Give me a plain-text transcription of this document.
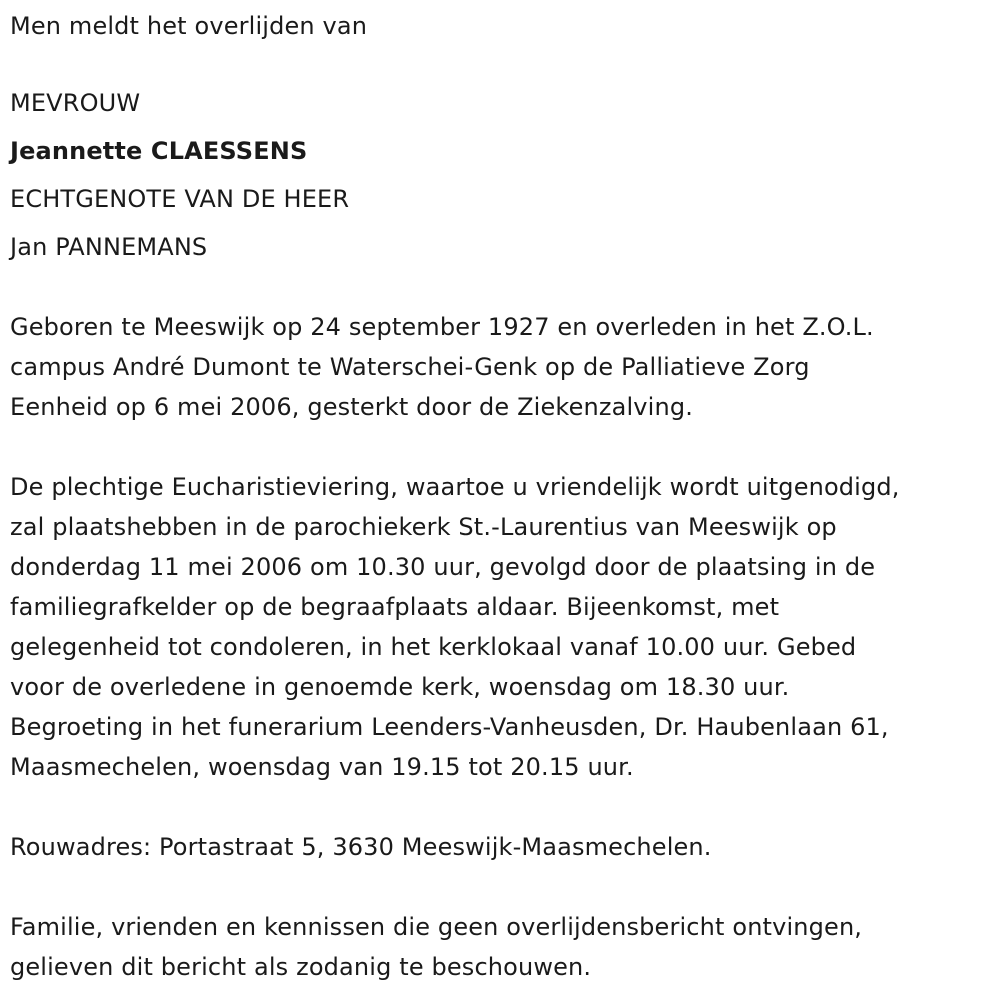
Men meldt het overlijden van
MEVROUW
Jeannette CLAESSENS
ECHTGENOTE VAN DE HEER
Jan PANNEMANS
Geboren te Meeswijk op 24 september 1927 en overleden in het Z.O.L.
campus André Dumont te Waterschei-Genk op de Palliatieve Zorg
Eenheid op 6 mei 2006, gesterkt door de Ziekenzalving.
De plechtige Eucharistieviering, waartoe u vriendelijk wordt uitgenodigd,
zal plaatshebben in de parochiekerk St.-Laurentius van Meeswijk op
donderdag 11 mei 2006 om 10.30 uur, gevolgd door de plaatsing in de
familiegrafkelder op de begraafplaats aldaar. Bijeenkomst, met
gelegenheid tot condoleren, in het kerklokaal vanaf 10.00 uur. Gebed
voor de overledene in genoemde kerk, woensdag om 18.30 uur.
Begroeting in het funerarium Leenders-Vanheusden, Dr. Haubenlaan 61,
Maasmechelen, woensdag van 19.15 tot 20.15 uur.
Rouwadres: Portastraat 5, 3630 Meeswijk-Maasmechelen.
Familie, vrienden en kennissen die geen overlijdensbericht ontvingen,
gelieven dit bericht als zodanig te beschouwen.
